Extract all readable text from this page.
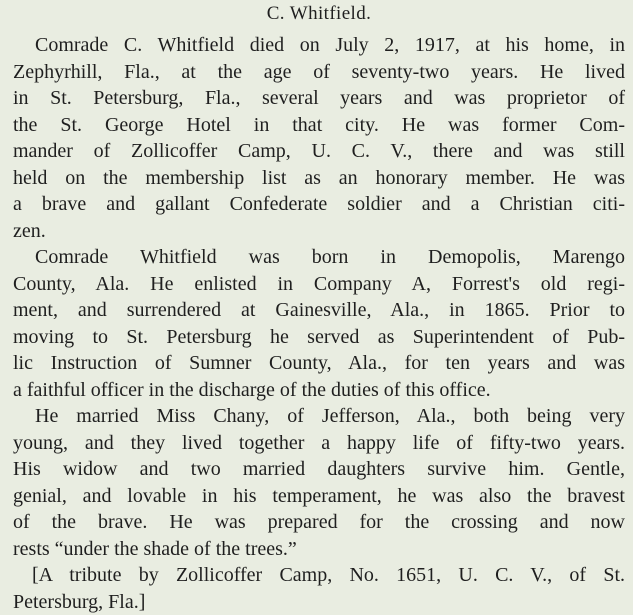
C. Whitfield.
Comrade C. Whitfield died on July 2, 1917, at his home, in
Zephyrhill, Fla., at the age of seventy-two years. He lived
in St. Petersburg, Fla., several years and was proprietor of
the St. George Hotel in that city. He was former Com-
mander of Zollicoffer Camp, U. C. V., there and was still
held on the membership list as an honorary member. He was
a brave and gallant Confederate soldier and a Christian citi-
zen.
Comrade Whitfield was born in Demopolis, Marengo
County, Ala. He enlisted in Company A, Forrest's old regi-
ment, and surrendered at Gainesville, Ala., in 1865. Prior to
moving to St. Petersburg he served as Superintendent of Pub-
lic Instruction of Sumner County, Ala., for ten years and was
a faithful officer in the discharge of the duties of this office.
He married Miss Chany, of Jefferson, Ala., both being very
young, and they lived together a happy life of fifty-two years.
His widow and two married daughters survive him. Gentle,
genial, and lovable in his temperament, he was also the bravest
of the brave. He was prepared for the crossing and now
rests “under the shade of the trees.”
[A tribute by Zollicoffer Camp, No. 1651, U. C. V., of St.
Petersburg, Fla.]
